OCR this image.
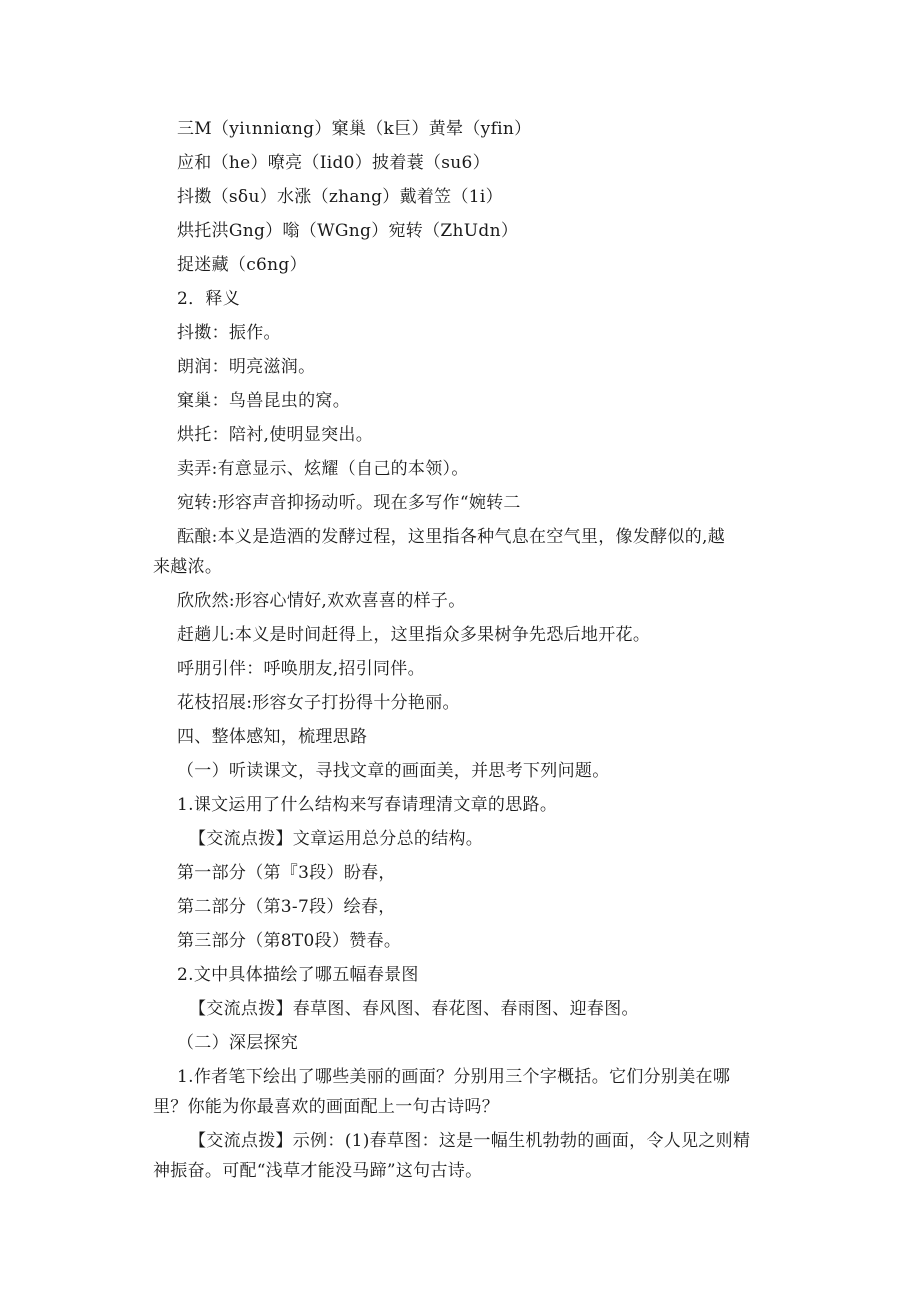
三M（yiιnniαng）窠巢（k巨）黄晕（yfin）
应和（he）嘹亮（Iid0）披着蓑（su6）
抖擞（sδu）水涨（zhang）戴着笠（1i）
烘托洪Gng）嗡（WGng）宛转（ZhUdn）
捉迷藏（c6ng）
2．释义
抖擞：振作。
朗润：明亮滋润。
窠巢：鸟兽昆虫的窝。
烘托：陪衬,使明显突出。
卖弄:有意显示、炫耀（自己的本领）。
宛转:形容声音抑扬动听。现在多写作“婉转二
酝酿:本义是造酒的发酵过程，这里指各种气息在空气里，像发酵似的,越
来越浓。
欣欣然:形容心情好,欢欢喜喜的样子。
赶趟儿:本义是时间赶得上，这里指众多果树争先恐后地开花。
呼朋引伴：呼唤朋友,招引同伴。
花枝招展:形容女子打扮得十分艳丽。
四、整体感知，梳理思路
（一）听读课文，寻找文章的画面美，并思考下列问题。
1.课文运用了什么结构来写春请理清文章的思路。
【交流点拨】文章运用总分总的结构。
第一部分（第『3段）盼春，
第二部分（第3-7段）绘春，
第三部分（第8T0段）赞春。
2.文中具体描绘了哪五幅春景图
【交流点拨】春草图、春风图、春花图、春雨图、迎春图。
（二）深层探究
1.作者笔下绘出了哪些美丽的画面？分别用三个字概括。它们分别美在哪
里？你能为你最喜欢的画面配上一句古诗吗？
【交流点拨】示例：(1)春草图：这是一幅生机勃勃的画面，令人见之则精
神振奋。可配“浅草才能没马蹄”这句古诗。
